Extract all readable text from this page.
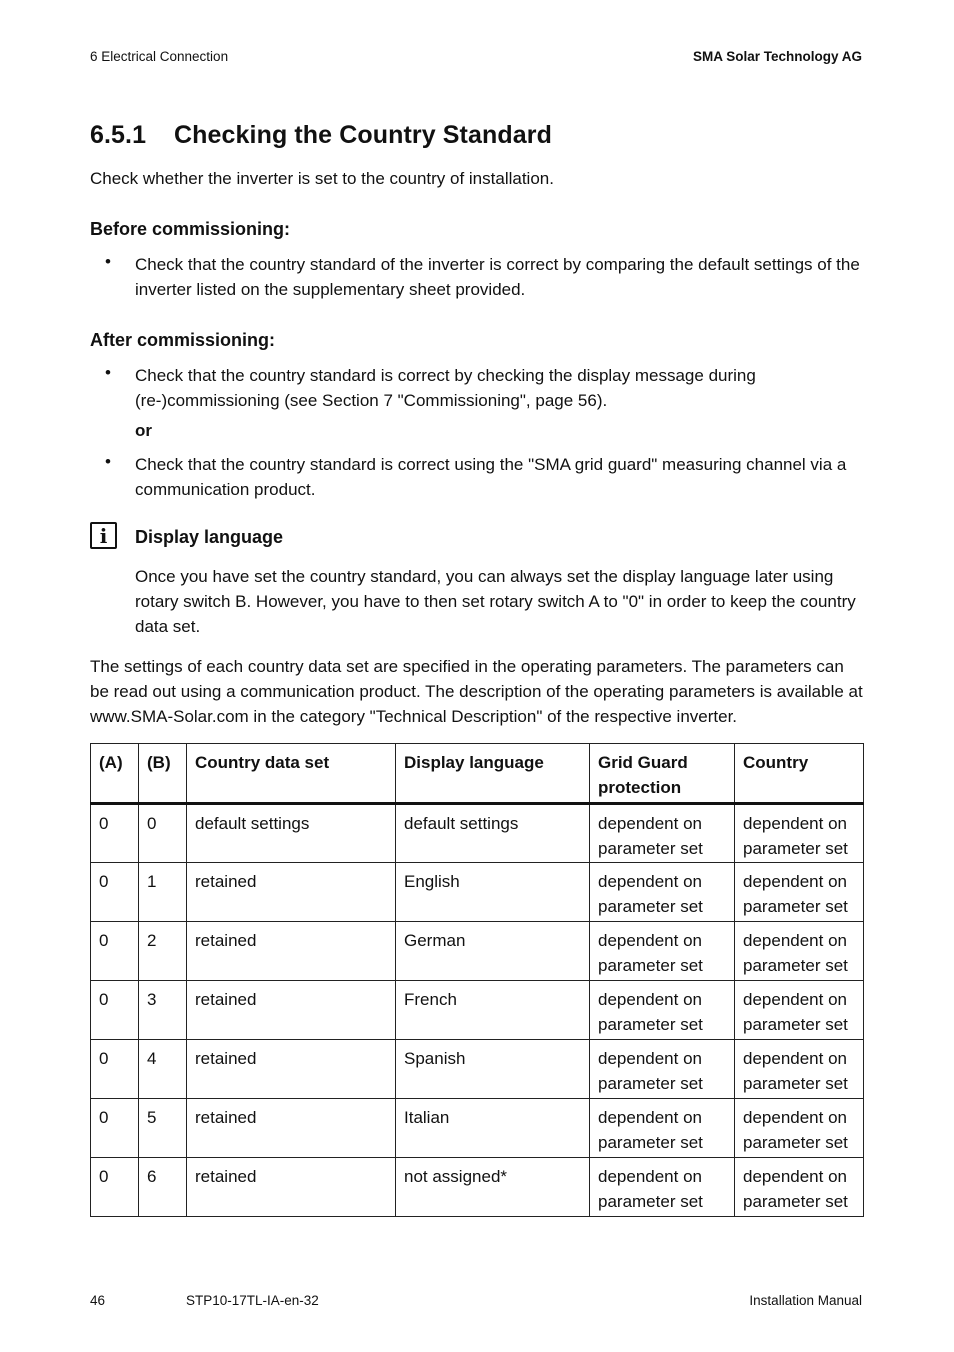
6 Electrical Connection	SMA Solar Technology AG
6.5.1 Checking the Country Standard
Check whether the inverter is set to the country of installation.
Before commissioning:
• Check that the country standard of the inverter is correct by comparing the default settings of the inverter listed on the supplementary sheet provided.
After commissioning:
• Check that the country standard is correct by checking the display message during (re-)commissioning (see Section 7 "Commissioning", page 56).
or
• Check that the country standard is correct using the "SMA grid guard" measuring channel via a communication product.
i	Display language
Once you have set the country standard, you can always set the display language later using rotary switch B. However, you have to then set rotary switch A to "0" in order to keep the country data set.
The settings of each country data set are specified in the operating parameters. The parameters can be read out using a communication product. The description of the operating parameters is available at www.SMA-Solar.com in the category "Technical Description" of the respective inverter.
(A)	(B)	Country data set	Display language	Grid Guard protection	Country
0	0	default settings	default settings	dependent on parameter set	dependent on parameter set
0	1	retained	English	dependent on parameter set	dependent on parameter set
0	2	retained	German	dependent on parameter set	dependent on parameter set
0	3	retained	French	dependent on parameter set	dependent on parameter set
0	4	retained	Spanish	dependent on parameter set	dependent on parameter set
0	5	retained	Italian	dependent on parameter set	dependent on parameter set
0	6	retained	not assigned*	dependent on parameter set	dependent on parameter set
46	STP10-17TL-IA-en-32	Installation Manual
